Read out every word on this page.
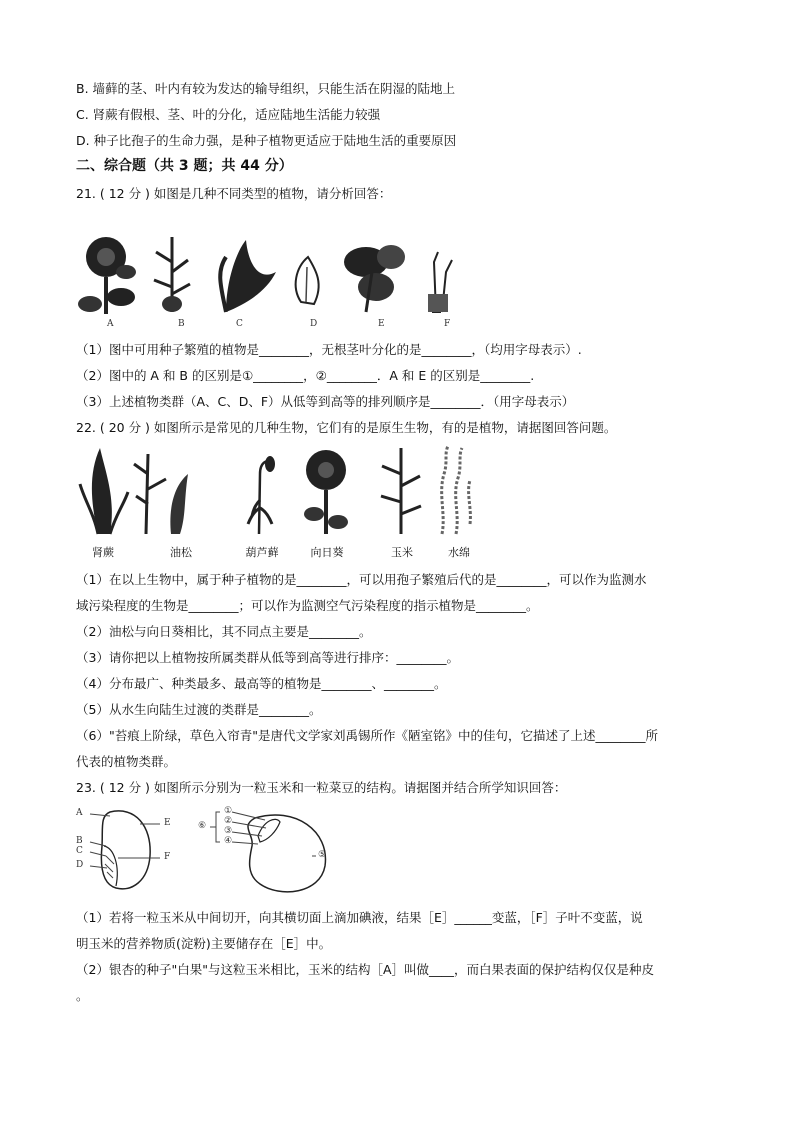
B. 墙藓的茎、叶内有较为发达的输导组织，只能生活在阴湿的陆地上
C. 肾蕨有假根、茎、叶的分化，适应陆地生活能力较强
D. 种子比孢子的生命力强，是种子植物更适应于陆地生活的重要原因
二、综合题（共 3 题；共 44 分）
21. ( 12 分 ) 如图是几种不同类型的植物，请分析回答：
A	B	C	D	E	F
（1）图中可用种子繁殖的植物是________，无根茎叶分化的是________，（均用字母表示）.
（2）图中的 A 和 B 的区别是①________，②________．A 和 E 的区别是________.
（3）上述植物类群（A、C、D、F）从低等到高等的排列顺序是________．（用字母表示）
22. ( 20 分 ) 如图所示是常见的几种生物，它们有的是原生生物，有的是植物，请据图回答问题。
肾蕨	油松	葫芦藓	向日葵	玉米	水绵
（1）在以上生物中，属于种子植物的是________，可以用孢子繁殖后代的是________，可以作为监测水
域污染程度的生物是________；可以作为监测空气污染程度的指示植物是________。
（2）油松与向日葵相比，其不同点主要是________。
（3）请你把以上植物按所属类群从低等到高等进行排序：________。
（4）分布最广、种类最多、最高等的植物是________、________。
（5）从水生向陆生过渡的类群是________。
（6）"苔痕上阶绿，草色入帘青"是唐代文学家刘禹锡所作《陋室铭》中的佳句，它描述了上述________所
代表的植物类群。
23. ( 12 分 ) 如图所示分别为一粒玉米和一粒菜豆的结构。请据图并结合所学知识回答：
A
B
C
D
E
F
①
②
③
④
⑤
⑥
（1）若将一粒玉米从中间切开，向其横切面上滴加碘液，结果［E］______变蓝，［F］子叶不变蓝，说
明玉米的营养物质(淀粉)主要储存在［E］中。
（2）银杏的种子"白果"与这粒玉米相比，玉米的结构［A］叫做____，而白果表面的保护结构仅仅是种皮
。
